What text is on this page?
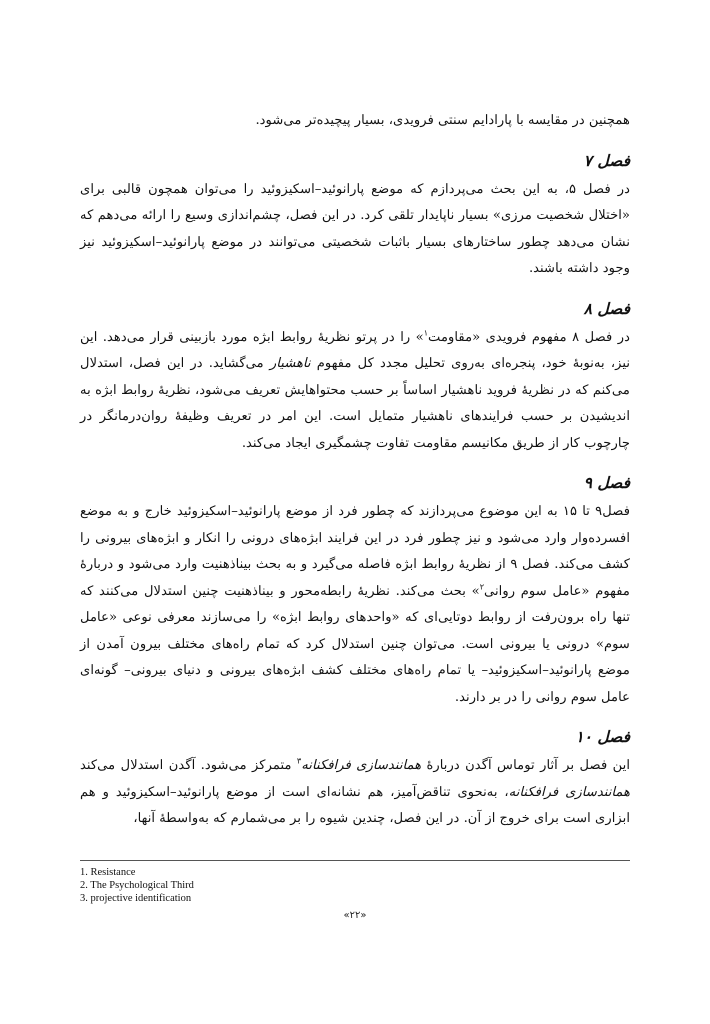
همچنین در مقایسه با پارادایم سنتی فرویدی، بسیار پیچیده‌تر می‌شود.

فصل ۷

در فصل ۵، به این بحث می‌پردازم که موضع پارانوئید–اسکیزوئید را می‌توان همچون قالبی برای «اختلال شخصیت مرزی» بسیار ناپایدار تلقی کرد. در این فصل، چشم‌اندازی وسیع را ارائه می‌دهم که نشان می‌دهد چطور ساختارهای بسیار باثبات شخصیتی می‌توانند در موضع پارانوئید–اسکیزوئید نیز وجود داشته باشند.

فصل ۸

در فصل ۸ مفهوم فرویدی «مقاومت$^۱$» را در پرتو نظریهٔ روابط ابژه مورد بازبینی قرار می‌دهد. این نیز، به‌نوبهٔ خود، پنجره‌ای به‌روی تحلیل مجدد کل مفهوم ناهشیار می‌گشاید. در این فصل، استدلال می‌کنم که در نظریهٔ فروید ناهشیار اساساً بر حسب محتواهایش تعریف می‌شود، نظریهٔ روابط ابژه به اندیشیدن بر حسب فرایندهای ناهشیار متمایل است. این امر در تعریف وظیفهٔ روان‌درمانگر در چارچوب کار از طریق مکانیسم مقاومت تفاوت چشمگیری ایجاد می‌کند.

فصل ۹

فصل۹ تا ۱۵ به این موضوع می‌پردازند که چطور فرد از موضع پارانوئید–اسکیزوئید خارج و به موضع افسرده‌وار وارد می‌شود و نیز چطور فرد در این فرایند ابژه‌های درونی را انکار و ابژه‌های بیرونی را کشف می‌کند. فصل ۹ از نظریهٔ روابط ابژه فاصله می‌گیرد و به بحث بیناذهنیت وارد می‌شود و دربارهٔ مفهوم «عامل سوم روانی$^۲$» بحث می‌کند. نظریهٔ رابطه‌محور و بیناذهنیت چنین استدلال می‌کنند که تنها راه برون‌رفت از روابط دوتایی‌ای که «واحدهای روابط ابژه» را می‌سازند معرفی نوعی «عامل سوم» درونی یا بیرونی است. می‌توان چنین استدلال کرد که تمام راه‌های مختلف بیرون آمدن از موضع پارانوئید–اسکیزوئید– یا تمام راه‌های مختلف کشف ابژه‌های بیرونی و دنیای بیرونی– گونه‌ای عامل سوم روانی را در بر دارند.

فصل ۱۰

این فصل بر آثار توماس آگدن دربارهٔ همانندسازی فرافکنانه$^۳$ متمرکز می‌شود. آگدن استدلال می‌کند همانندسازی فرافکنانه، به‌نحوی تناقض‌آمیز، هم نشانه‌ای است از موضع پارانوئید–اسکیزوئید و هم ابزاری است برای خروج از آن. در این فصل، چندین شیوه را بر می‌شمارم که به‌واسطهٔ آنها،

1. Resistance
2. The Psychological Third
3. projective identification
«۲۲»
